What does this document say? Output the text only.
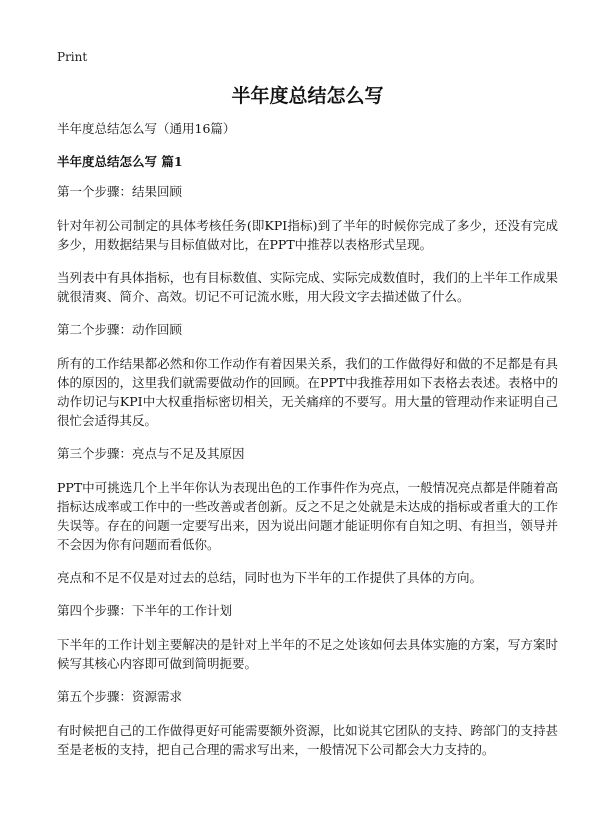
Print
半年度总结怎么写
半年度总结怎么写（通用16篇）
半年度总结怎么写 篇1
第一个步骤：结果回顾
针对年初公司制定的具体考核任务(即KPI指标)到了半年的时候你完成了多少，还没有完成多少，用数据结果与目标值做对比，在PPT中推荐以表格形式呈现。
当列表中有具体指标，也有目标数值、实际完成、实际完成数值时，我们的上半年工作成果就很清爽、简介、高效。切记不可记流水账，用大段文字去描述做了什么。
第二个步骤：动作回顾
所有的工作结果都必然和你工作动作有着因果关系，我们的工作做得好和做的不足都是有具体的原因的，这里我们就需要做动作的回顾。在PPT中我推荐用如下表格去表述。表格中的动作切记与KPI中大权重指标密切相关，无关痛痒的不要写。用大量的管理动作来证明自己很忙会适得其反。
第三个步骤：亮点与不足及其原因
PPT中可挑选几个上半年你认为表现出色的工作事件作为亮点，一般情况亮点都是伴随着高指标达成率或工作中的一些改善或者创新。反之不足之处就是未达成的指标或者重大的工作失误等。存在的问题一定要写出来，因为说出问题才能证明你有自知之明、有担当，领导并不会因为你有问题而看低你。
亮点和不足不仅是对过去的总结，同时也为下半年的工作提供了具体的方向。
第四个步骤：下半年的工作计划
下半年的工作计划主要解决的是针对上半年的不足之处该如何去具体实施的方案，写方案时候写其核心内容即可做到简明扼要。
第五个步骤：资源需求
有时候把自己的工作做得更好可能需要额外资源，比如说其它团队的支持、跨部门的支持甚至是老板的支持，把自己合理的需求写出来，一般情况下公司都会大力支持的。
